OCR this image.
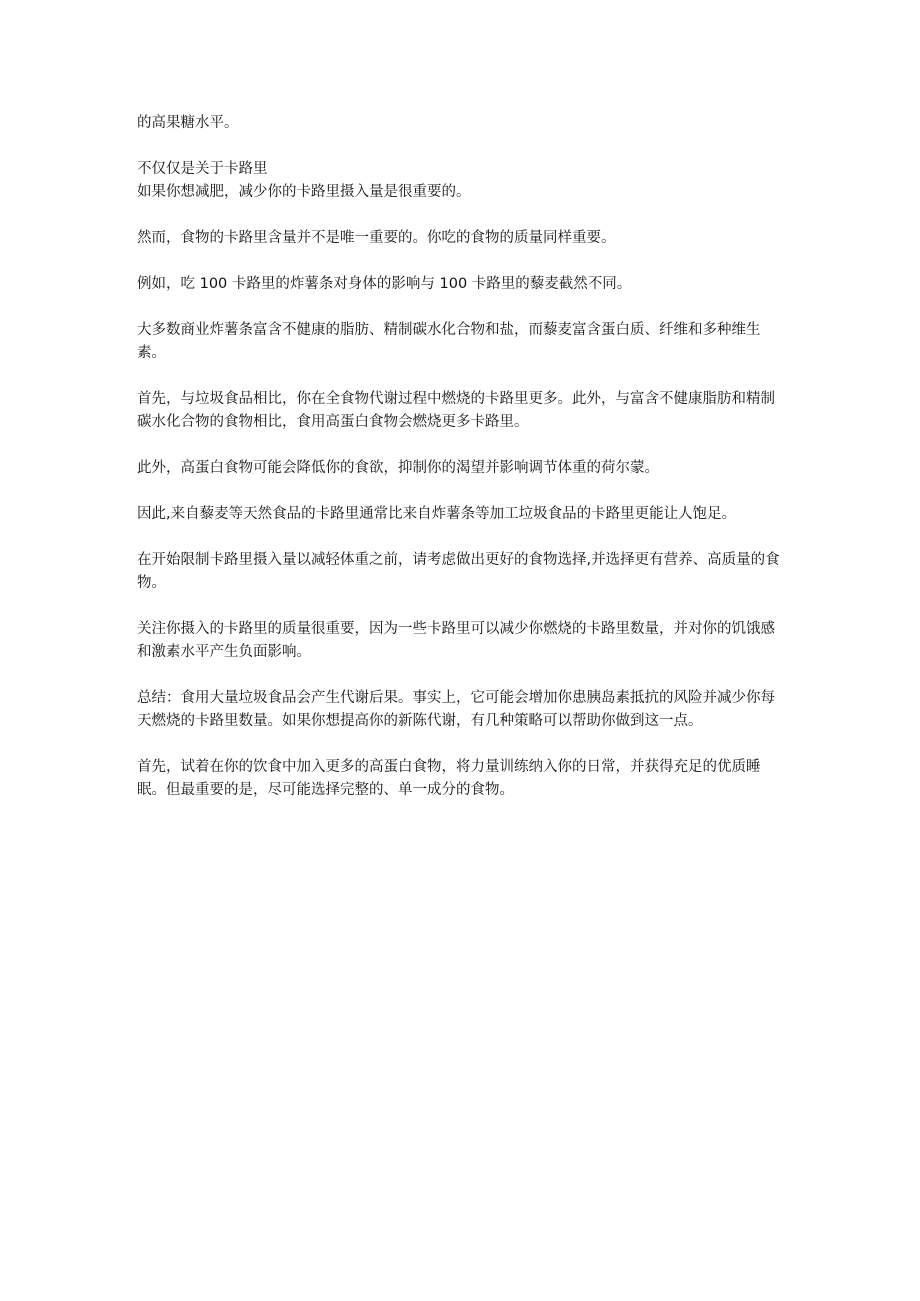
的高果糖水平。

不仅仅是关于卡路里

如果你想减肥，减少你的卡路里摄入量是很重要的。

然而，食物的卡路里含量并不是唯一重要的。你吃的食物的质量同样重要。

例如，吃 100 卡路里的炸薯条对身体的影响与 100 卡路里的藜麦截然不同。

大多数商业炸薯条富含不健康的脂肪、精制碳水化合物和盐，而藜麦富含蛋白质、纤维和多种维生素。

首先，与垃圾食品相比，你在全食物代谢过程中燃烧的卡路里更多。此外，与富含不健康脂肪和精制碳水化合物的食物相比，食用高蛋白食物会燃烧更多卡路里。

此外，高蛋白食物可能会降低你的食欲，抑制你的渴望并影响调节体重的荷尔蒙。

因此,来自藜麦等天然食品的卡路里通常比来自炸薯条等加工垃圾食品的卡路里更能让人饱足。

在开始限制卡路里摄入量以减轻体重之前，请考虑做出更好的食物选择,并选择更有营养、高质量的食物。

关注你摄入的卡路里的质量很重要，因为一些卡路里可以减少你燃烧的卡路里数量，并对你的饥饿感和激素水平产生负面影响。

总结：食用大量垃圾食品会产生代谢后果。事实上，它可能会增加你患胰岛素抵抗的风险并减少你每天燃烧的卡路里数量。如果你想提高你的新陈代谢，有几种策略可以帮助你做到这一点。

首先，试着在你的饮食中加入更多的高蛋白食物，将力量训练纳入你的日常，并获得充足的优质睡眠。但最重要的是，尽可能选择完整的、单一成分的食物。
